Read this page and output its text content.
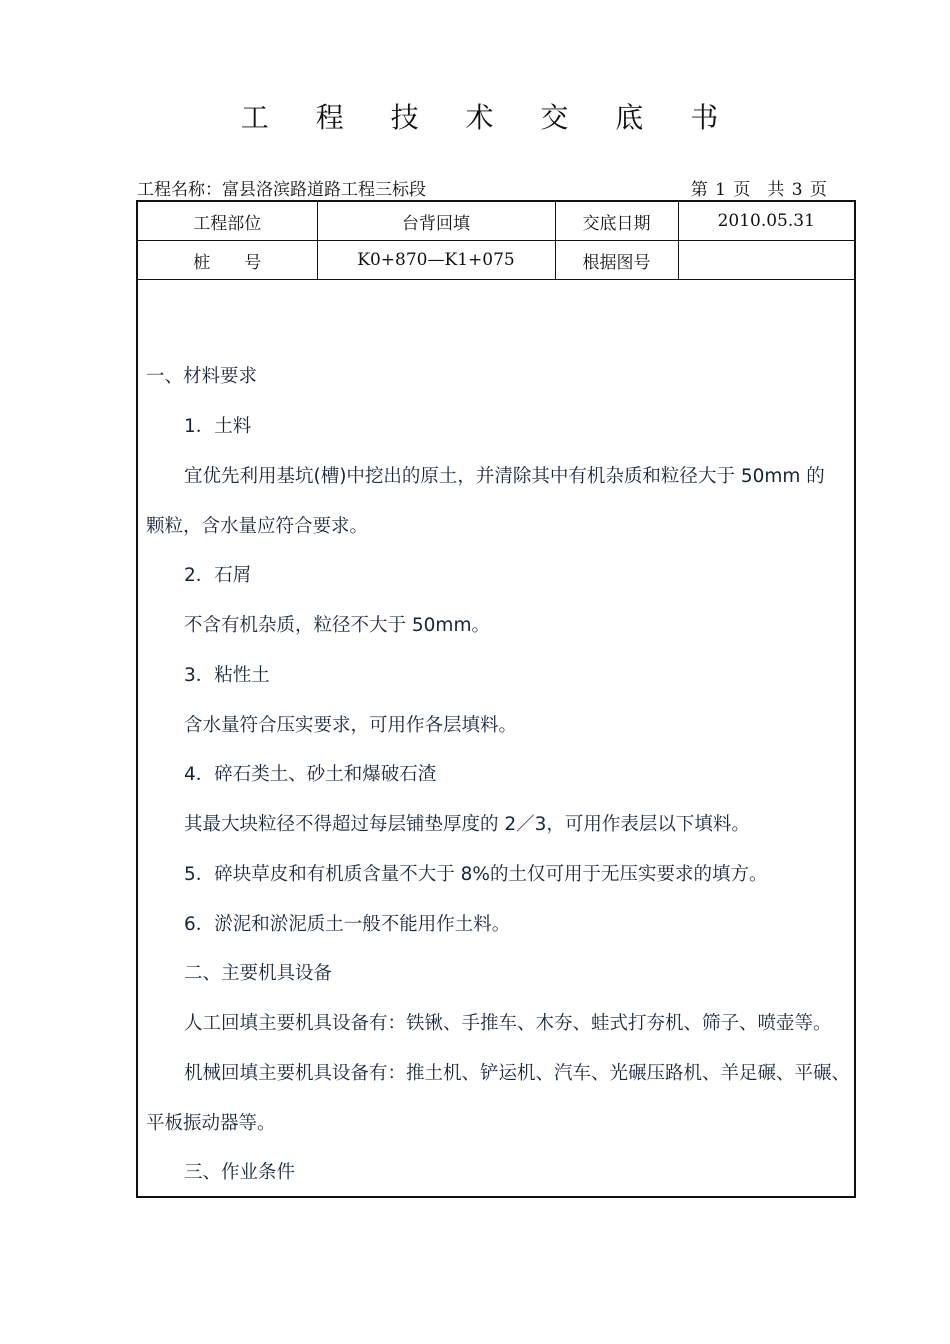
工 程 技 术 交 底 书
工程名称：富县洛滨路道路工程三标段	第 1 页　共 3 页
工程部位	台背回填	交底日期	2010.05.31
桩　　号	K0+870—K1+075	根据图号	
一、材料要求
1．土料
宜优先利用基坑(槽)中挖出的原土，并清除其中有机杂质和粒径大于 50mm 的
颗粒，含水量应符合要求。
2．石屑
不含有机杂质，粒径不大于 50mm。
3．粘性土
含水量符合压实要求，可用作各层填料。
4．碎石类土、砂土和爆破石渣
其最大块粒径不得超过每层铺垫厚度的 2／3，可用作表层以下填料。
5．碎块草皮和有机质含量不大于 8%的土仅可用于无压实要求的填方。
6．淤泥和淤泥质土一般不能用作土料。
二、主要机具设备
人工回填主要机具设备有：铁锹、手推车、木夯、蛙式打夯机、筛子、喷壶等。
机械回填主要机具设备有：推土机、铲运机、汽车、光碾压路机、羊足碾、平碾、
平板振动器等。
三、作业条件
